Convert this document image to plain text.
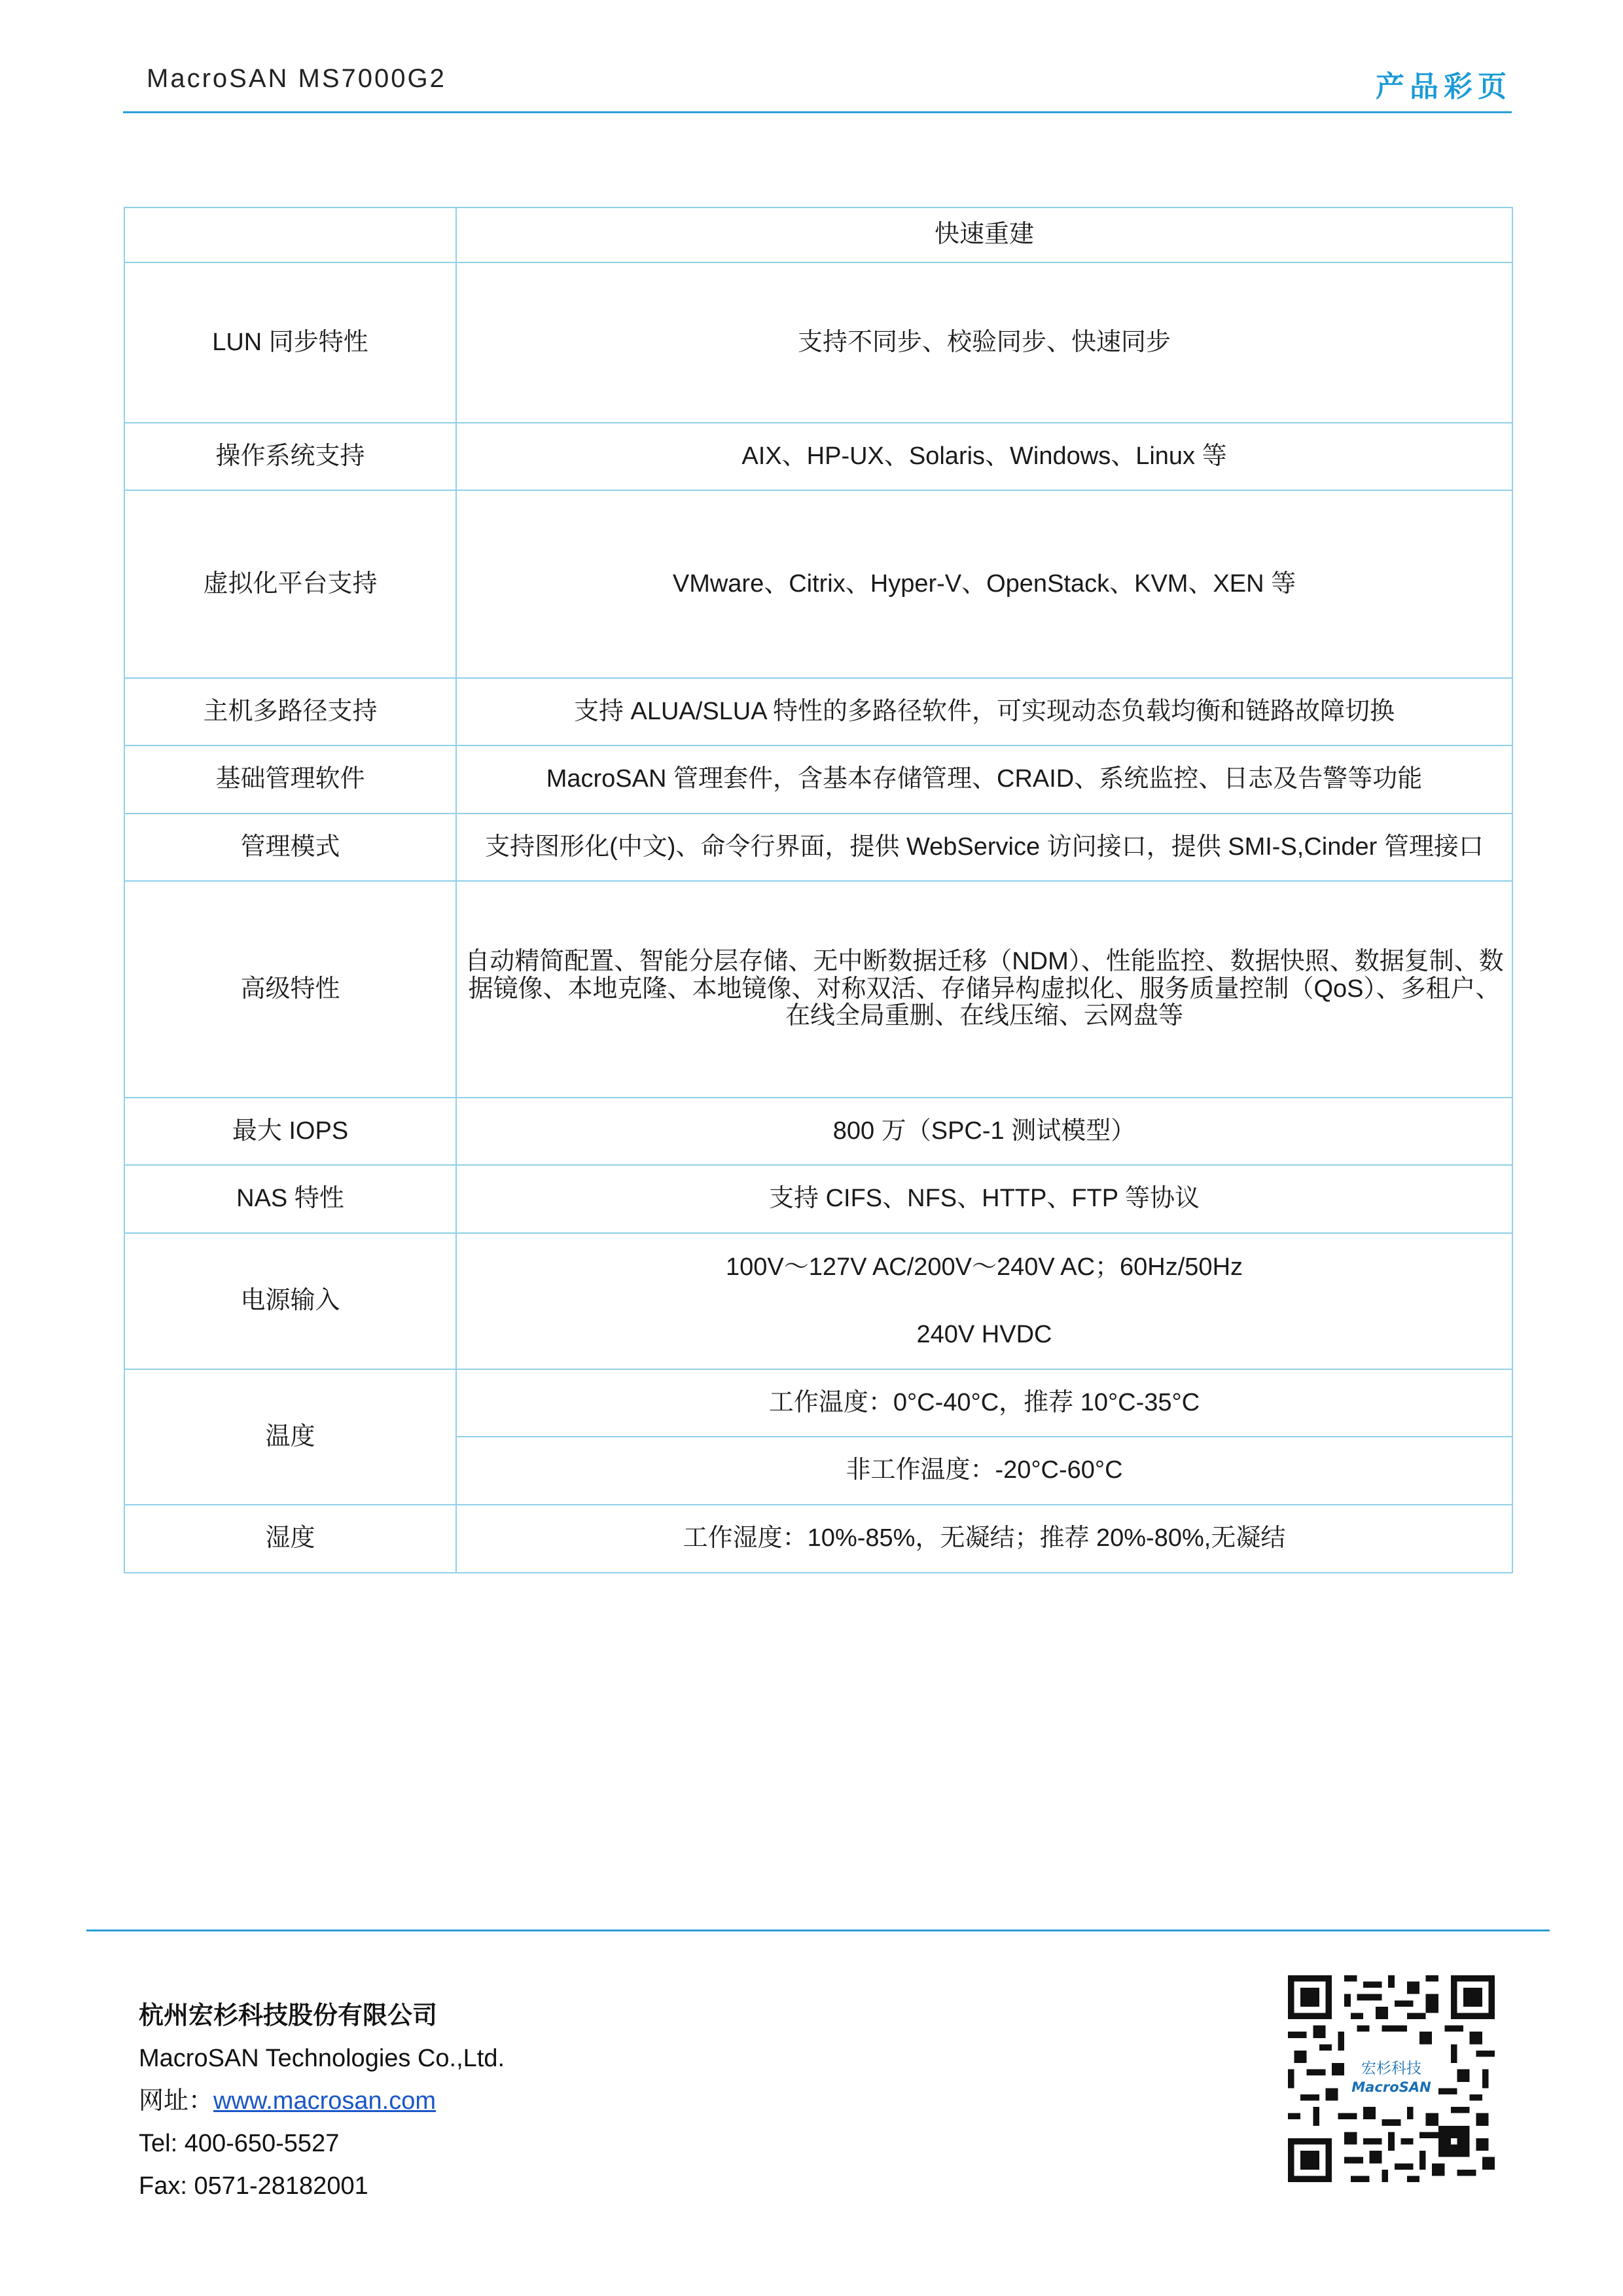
MacroSAN MS7000G2	产品彩页
	快速重建
LUN 同步特性	支持不同步、校验同步、快速同步
操作系统支持	AIX、HP-UX、Solaris、Windows、Linux 等
虚拟化平台支持	VMware、Citrix、Hyper-V、OpenStack、KVM、XEN 等
主机多路径支持	支持 ALUA/SLUA 特性的多路径软件，可实现动态负载均衡和链路故障切换
基础管理软件	MacroSAN 管理套件，含基本存储管理、CRAID、系统监控、日志及告警等功能
管理模式	支持图形化(中文)、命令行界面，提供 WebService 访问接口，提供 SMI-S,Cinder 管理接口
高级特性	自动精简配置、智能分层存储、无中断数据迁移（NDM）、性能监控、数据快照、数据复制、数据镜像、本地克隆、本地镜像、对称双活、存储异构虚拟化、服务质量控制（QoS）、多租户、在线全局重删、在线压缩、云网盘等
最大 IOPS	800 万（SPC-1 测试模型）
NAS 特性	支持 CIFS、NFS、HTTP、FTP 等协议
电源输入	100V～127V AC/200V～240V AC；60Hz/50Hz
240V HVDC

温度	工作温度：0°C-40°C，推荐 10°C-35°C
	非工作温度：-20°C-60°C
湿度	工作湿度：10%-85%，无凝结；推荐 20%-80%,无凝结
杭州宏杉科技股份有限公司
MacroSAN Technologies Co.,Ltd.
网址：www.macrosan.com
Tel: 400-650-5527
Fax: 0571-28182001
宏杉科技
MacroSAN
